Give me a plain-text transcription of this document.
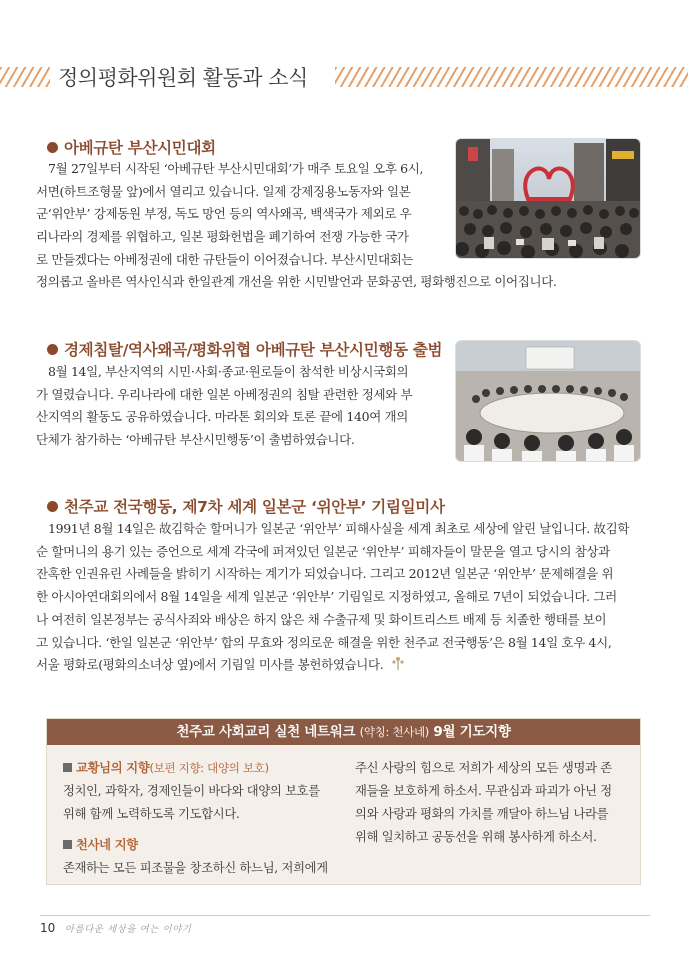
정의평화위원회 활동과 소식
아베규탄 부산시민대회
7월 27일부터 시작된 ‘아베규탄 부산시민대회’가 매주 토요일 오후 6시,
서면(하트조형물 앞)에서 열리고 있습니다. 일제 강제징용노동자와 일본
군‘위안부’ 강제동원 부정, 독도 망언 등의 역사왜곡, 백색국가 제외로 우
리나라의 경제를 위협하고, 일본 평화헌법을 폐기하여 전쟁 가능한 국가
로 만들겠다는 아베정권에 대한 규탄들이 이어졌습니다. 부산시민대회는
정의롭고 올바른 역사인식과 한일관계 개선을 위한 시민발언과 문화공연, 평화행진으로 이어집니다.
경제침탈/역사왜곡/평화위협 아베규탄 부산시민행동 출범
8월 14일, 부산지역의 시민·사회·종교·원로들이 참석한 비상시국회의
가 열렸습니다. 우리나라에 대한 일본 아베정권의 침탈 관련한 정세와 부
산지역의 활동도 공유하였습니다. 마라톤 회의와 토론 끝에 140여 개의
단체가 참가하는 ‘아베규탄 부산시민행동’이 출범하였습니다.
천주교 전국행동, 제7차 세계 일본군 ‘위안부’ 기림일미사
1991년 8월 14일은 故김학순 할머니가 일본군 ‘위안부’ 피해사실을 세계 최초로 세상에 알린 날입니다. 故김학
순 할머니의 용기 있는 증언으로 세계 각국에 퍼져있던 일본군 ‘위안부’ 피해자들이 말문을 열고 당시의 참상과
잔혹한 인권유린 사례들을 밝히기 시작하는 계기가 되었습니다. 그리고 2012년 일본군 ‘위안부’ 문제해결을 위
한 아시아연대회의에서 8월 14일을 세계 일본군 ‘위안부’ 기림일로 지정하였고, 올해로 7년이 되었습니다. 그러
나 여전히 일본정부는 공식사죄와 배상은 하지 않은 채 수출규제 및 화이트리스트 배제 등 치졸한 행태를 보이
고 있습니다. ‘한일 일본군 ‘위안부’ 합의 무효와 정의로운 해결을 위한 천주교 전국행동’은 8월 14일 호우 4시,
서울 평화로(평화의소녀상 옆)에서 기림일 미사를 봉헌하였습니다.
천주교 사회교리 실천 네트워크 (약칭: 천사네) 9월 기도지향
교황님의 지향(보편 지향: 대양의 보호)
정치인, 과학자, 경제인들이 바다와 대양의 보호를
위해 함께 노력하도록 기도합시다.
천사네 지향
존재하는 모든 피조물을 창조하신 하느님, 저희에게
주신 사랑의 힘으로 저희가 세상의 모든 생명과 존
재들을 보호하게 하소서. 무관심과 파괴가 아닌 정
의와 사랑과 평화의 가치를 깨달아 하느님 나라를
위해 일치하고 공동선을 위해 봉사하게 하소서.
10 아름다운 세상을 여는 이야기
